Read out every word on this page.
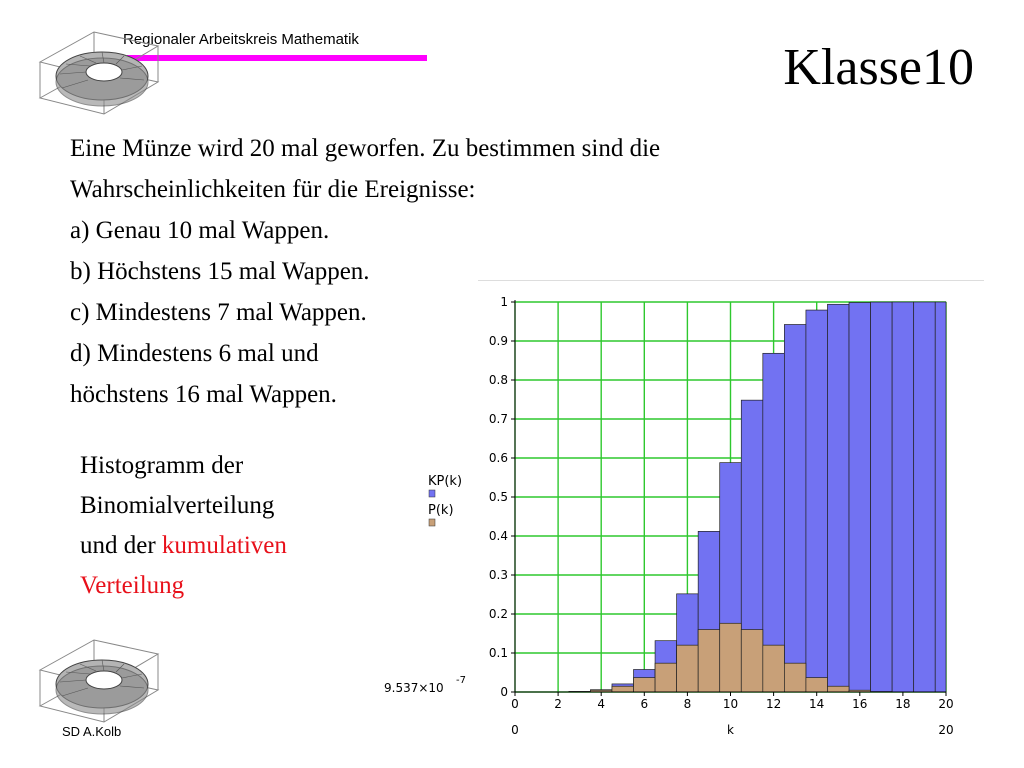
Regionaler Arbeitskreis Mathematik	Klasse10
Eine Münze wird 20 mal geworfen. Zu bestimmen sind die
Wahrscheinlichkeiten für die Ereignisse:
a) Genau 10 mal Wappen.
b) Höchstens 15 mal Wappen.
c) Mindestens 7 mal Wappen.
d) Mindestens 6 mal und
höchstens 16 mal Wappen.
Histogramm der
Binomialverteilung
und der kumulativen
Verteilung
SD A.Kolb
0
0.1
0.2
0.3
0.4
0.5
0.6
0.7
0.8
0.9
1
0	2	4	6	8	10 12 14 16 18 20
0	20
k
KP(k)
P(k)
9.537×10
-7
